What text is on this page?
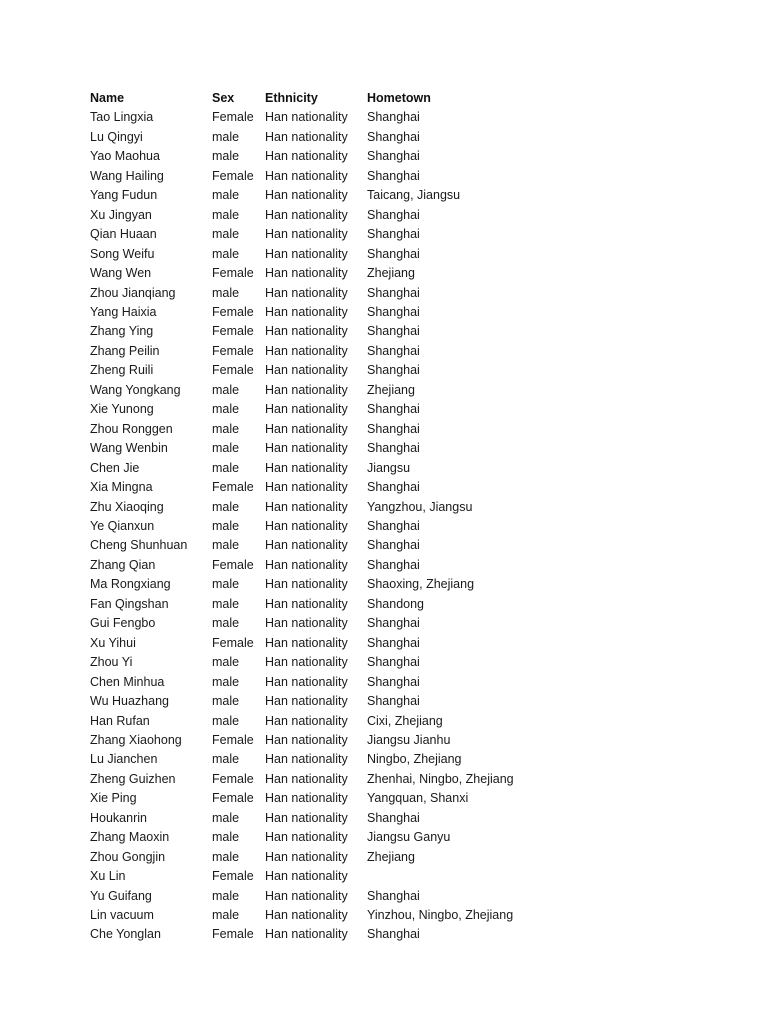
Name	Sex	Ethnicity	Hometown
Tao Lingxia	Female	Han nationality	Shanghai
Lu Qingyi	male	Han nationality	Shanghai
Yao Maohua	male	Han nationality	Shanghai
Wang Hailing	Female	Han nationality	Shanghai
Yang Fudun	male	Han nationality	Taicang, Jiangsu
Xu Jingyan	male	Han nationality	Shanghai
Qian Huaan	male	Han nationality	Shanghai
Song Weifu	male	Han nationality	Shanghai
Wang Wen	Female	Han nationality	Zhejiang
Zhou Jianqiang	male	Han nationality	Shanghai
Yang Haixia	Female	Han nationality	Shanghai
Zhang Ying	Female	Han nationality	Shanghai
Zhang Peilin	Female	Han nationality	Shanghai
Zheng Ruili	Female	Han nationality	Shanghai
Wang Yongkang	male	Han nationality	Zhejiang
Xie Yunong	male	Han nationality	Shanghai
Zhou Ronggen	male	Han nationality	Shanghai
Wang Wenbin	male	Han nationality	Shanghai
Chen Jie	male	Han nationality	Jiangsu
Xia Mingna	Female	Han nationality	Shanghai
Zhu Xiaoqing	male	Han nationality	Yangzhou, Jiangsu
Ye Qianxun	male	Han nationality	Shanghai
Cheng Shunhuan	male	Han nationality	Shanghai
Zhang Qian	Female	Han nationality	Shanghai
Ma Rongxiang	male	Han nationality	Shaoxing, Zhejiang
Fan Qingshan	male	Han nationality	Shandong
Gui Fengbo	male	Han nationality	Shanghai
Xu Yihui	Female	Han nationality	Shanghai
Zhou Yi	male	Han nationality	Shanghai
Chen Minhua	male	Han nationality	Shanghai
Wu Huazhang	male	Han nationality	Shanghai
Han Rufan	male	Han nationality	Cixi, Zhejiang
Zhang Xiaohong	Female	Han nationality	Jiangsu Jianhu
Lu Jianchen	male	Han nationality	Ningbo, Zhejiang
Zheng Guizhen	Female	Han nationality	Zhenhai, Ningbo, Zhejiang
Xie Ping	Female	Han nationality	Yangquan, Shanxi
Houkanrin	male	Han nationality	Shanghai
Zhang Maoxin	male	Han nationality	Jiangsu Ganyu
Zhou Gongjin	male	Han nationality	Zhejiang
Xu Lin	Female	Han nationality	
Yu Guifang	male	Han nationality	Shanghai
Lin vacuum	male	Han nationality	Yinzhou, Ningbo, Zhejiang
Che Yonglan	Female	Han nationality	Shanghai
